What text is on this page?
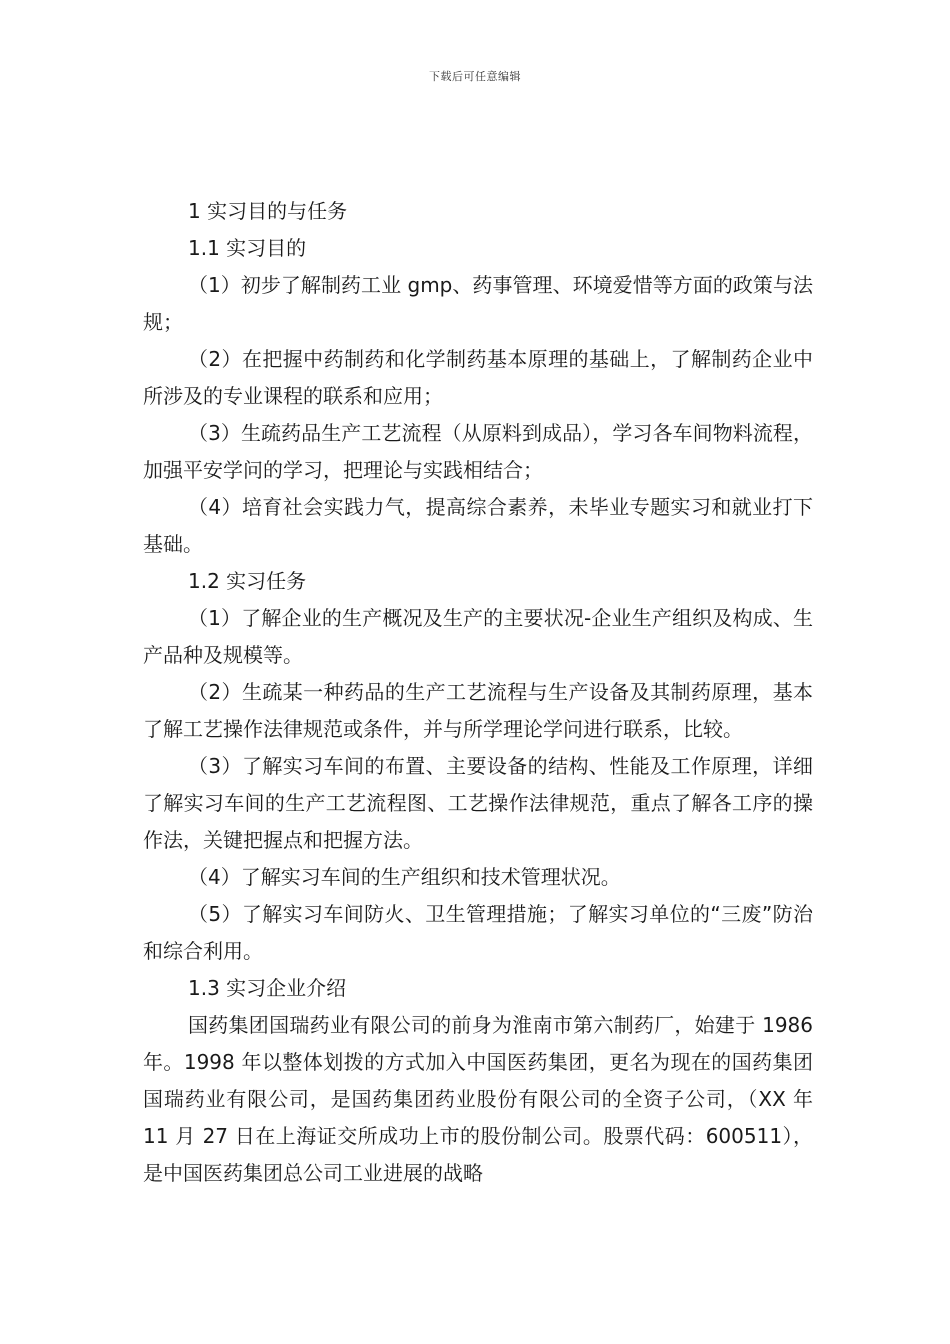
下载后可任意编辑

1 实习目的与任务

1.1 实习目的

（1）初步了解制药工业 gmp、药事管理、环境爱惜等方面的政策与法规；

（2）在把握中药制药和化学制药基本原理的基础上，了解制药企业中所涉及的专业课程的联系和应用；

（3）生疏药品生产工艺流程（从原料到成品），学习各车间物料流程，加强平安学问的学习，把理论与实践相结合；

（4）培育社会实践力气，提高综合素养，未毕业专题实习和就业打下基础。

1.2 实习任务

（1）了解企业的生产概况及生产的主要状况-企业生产组织及构成、生产品种及规模等。

（2）生疏某一种药品的生产工艺流程与生产设备及其制药原理，基本了解工艺操作法律规范或条件，并与所学理论学问进行联系，比较。

（3）了解实习车间的布置、主要设备的结构、性能及工作原理，详细了解实习车间的生产工艺流程图、工艺操作法律规范，重点了解各工序的操作法，关键把握点和把握方法。

（4）了解实习车间的生产组织和技术管理状况。

（5）了解实习车间防火、卫生管理措施；了解实习单位的“三废”防治和综合利用。

1.3 实习企业介绍

国药集团国瑞药业有限公司的前身为淮南市第六制药厂，始建于 1986 年。1998 年以整体划拨的方式加入中国医药集团，更名为现在的国药集团国瑞药业有限公司，是国药集团药业股份有限公司的全资子公司，（XX 年 11 月 27 日在上海证交所成功上市的股份制公司。股票代码：600511），是中国医药集团总公司工业进展的战略
